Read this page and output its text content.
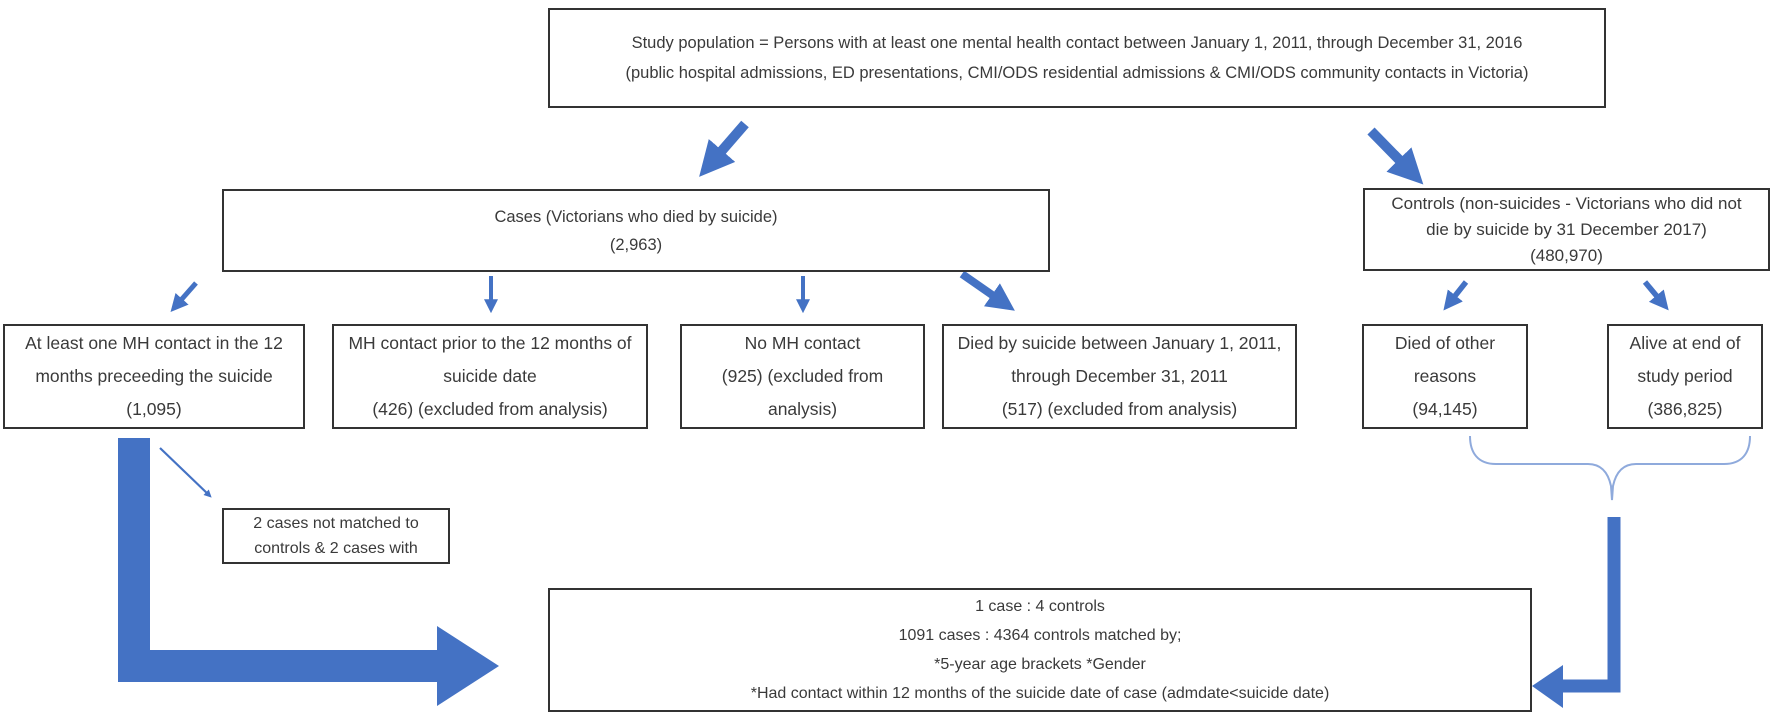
Study population = Persons with at least one mental health contact between January 1, 2011, through December 31, 2016
(public hospital admissions, ED presentations, CMI/ODS residential admissions & CMI/ODS community contacts in Victoria)
Cases (Victorians who died by suicide)
(2,963)
Controls (non-suicides - Victorians who did not
die by suicide by 31 December 2017)
(480,970)
At least one MH contact in the 12
months preceeding the suicide
(1,095)
MH contact prior to the 12 months of
suicide date
(426) (excluded from analysis)
No MH contact
(925) (excluded from
analysis)
Died by suicide between January 1, 2011,
through December 31, 2011
(517) (excluded from analysis)
Died of other
reasons
(94,145)
Alive at end of
study period
(386,825)
2 cases not matched to
controls & 2 cases with
1 case : 4 controls
1091 cases : 4364 controls matched by;
*5-year age brackets *Gender
*Had contact within 12 months of the suicide date of case (admdate<suicide date)
